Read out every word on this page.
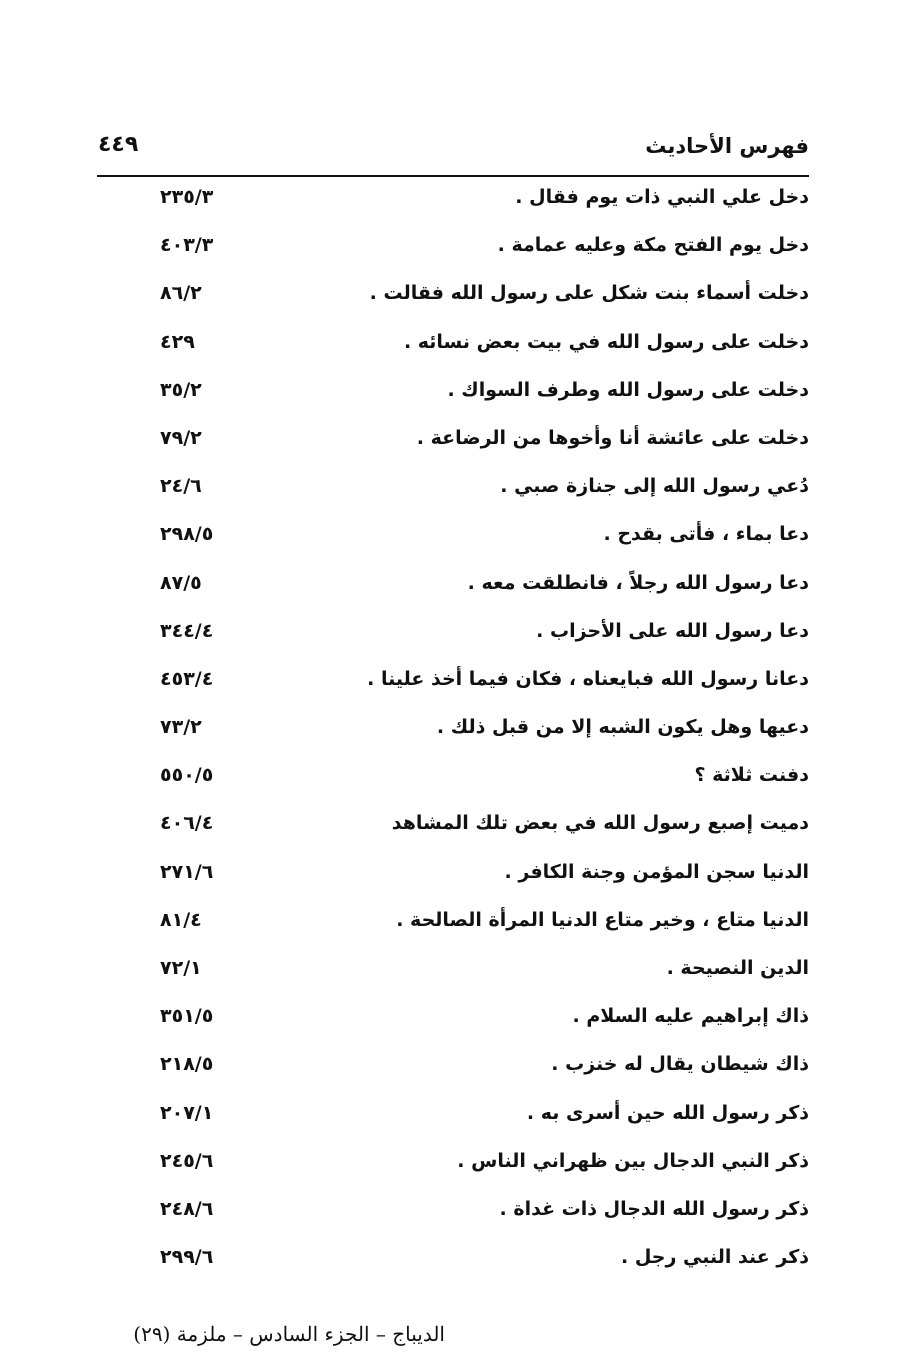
فهرس الأحاديث
٤٤٩
دخل علي النبي ذات يوم فقال .
٢٣٥/٣
دخل يوم الفتح مكة وعليه عمامة .
٤٠٣/٣
دخلت أسماء بنت شكل على رسول الله فقالت .
٨٦/٢
دخلت على رسول الله في بيت بعض نسائه .
٤٢٩
دخلت على رسول الله وطرف السواك .
٣٥/٢
دخلت على عائشة أنا وأخوها من الرضاعة .
٧٩/٢
دُعي رسول الله إلى جنازة صبي .
٢٤/٦
دعا بماء ، فأتى بقدح .
٢٩٨/٥
دعا رسول الله رجلاً ، فانطلقت معه .
٨٧/٥
دعا رسول الله على الأحزاب .
٣٤٤/٤
دعانا رسول الله فبايعناه ، فكان فيما أخذ علينا .
٤٥٣/٤
دعيها وهل يكون الشبه إلا من قبل ذلك .
٧٣/٢
دفنت ثلاثة ؟
٥٥٠/٥
دميت إصبع رسول الله في بعض تلك المشاهد
٤٠٦/٤
الدنيا سجن المؤمن وجنة الكافر .
٢٧١/٦
الدنيا متاع ، وخير متاع الدنيا المرأة الصالحة .
٨١/٤
الدين النصيحة .
٧٢/١
ذاك إبراهيم عليه السلام .
٣٥١/٥
ذاك شيطان يقال له خنزب .
٢١٨/٥
ذكر رسول الله حين أسرى به .
٢٠٧/١
ذكر النبي الدجال بين ظهراني الناس .
٢٤٥/٦
ذكر رسول الله الدجال ذات غداة .
٢٤٨/٦
ذكر عند النبي رجل .
٢٩٩/٦
الديباج – الجزء السادس – ملزمة (٢٩)
